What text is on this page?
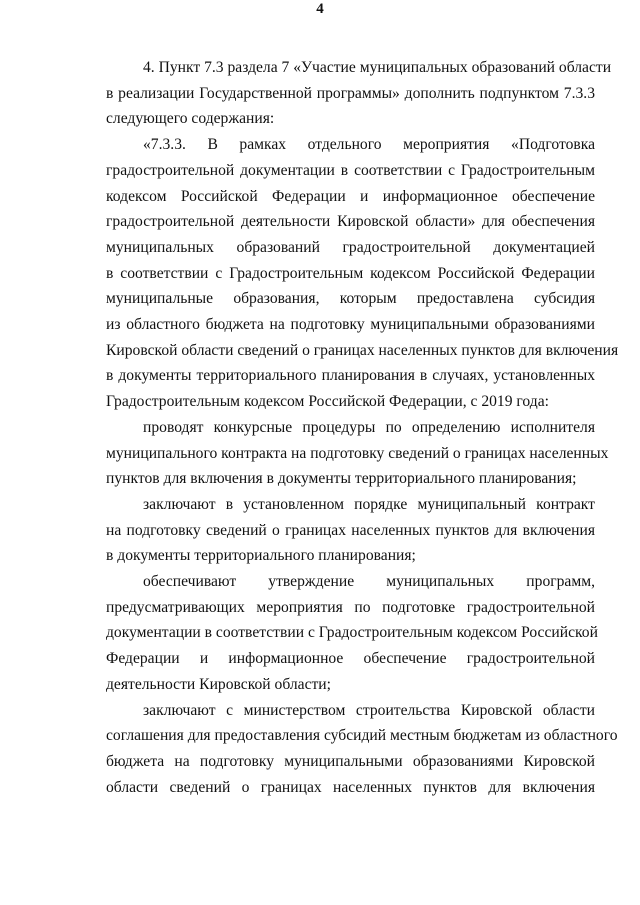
4
4. Пункт 7.3 раздела 7 «Участие муниципальных образований области
в реализации Государственной программы» дополнить подпунктом 7.3.3
следующего содержания:
«7.3.3. В рамках отдельного мероприятия «Подготовка
градостроительной документации в соответствии с Градостроительным
кодексом Российской Федерации и информационное обеспечение
градостроительной деятельности Кировской области» для обеспечения
муниципальных образований градостроительной документацией
в соответствии с Градостроительным кодексом Российской Федерации
муниципальные образования, которым предоставлена субсидия
из областного бюджета на подготовку муниципальными образованиями
Кировской области сведений о границах населенных пунктов для включения
в документы территориального планирования в случаях, установленных
Градостроительным кодексом Российской Федерации, с 2019 года:
проводят конкурсные процедуры по определению исполнителя
муниципального контракта на подготовку сведений о границах населенных
пунктов для включения в документы территориального планирования;
заключают в установленном порядке муниципальный контракт
на подготовку сведений о границах населенных пунктов для включения
в документы территориального планирования;
обеспечивают утверждение муниципальных программ,
предусматривающих мероприятия по подготовке градостроительной
документации в соответствии с Градостроительным кодексом Российской
Федерации и информационное обеспечение градостроительной
деятельности Кировской области;
заключают с министерством строительства Кировской области
соглашения для предоставления субсидий местным бюджетам из областного
бюджета на подготовку муниципальными образованиями Кировской
области сведений о границах населенных пунктов для включения
